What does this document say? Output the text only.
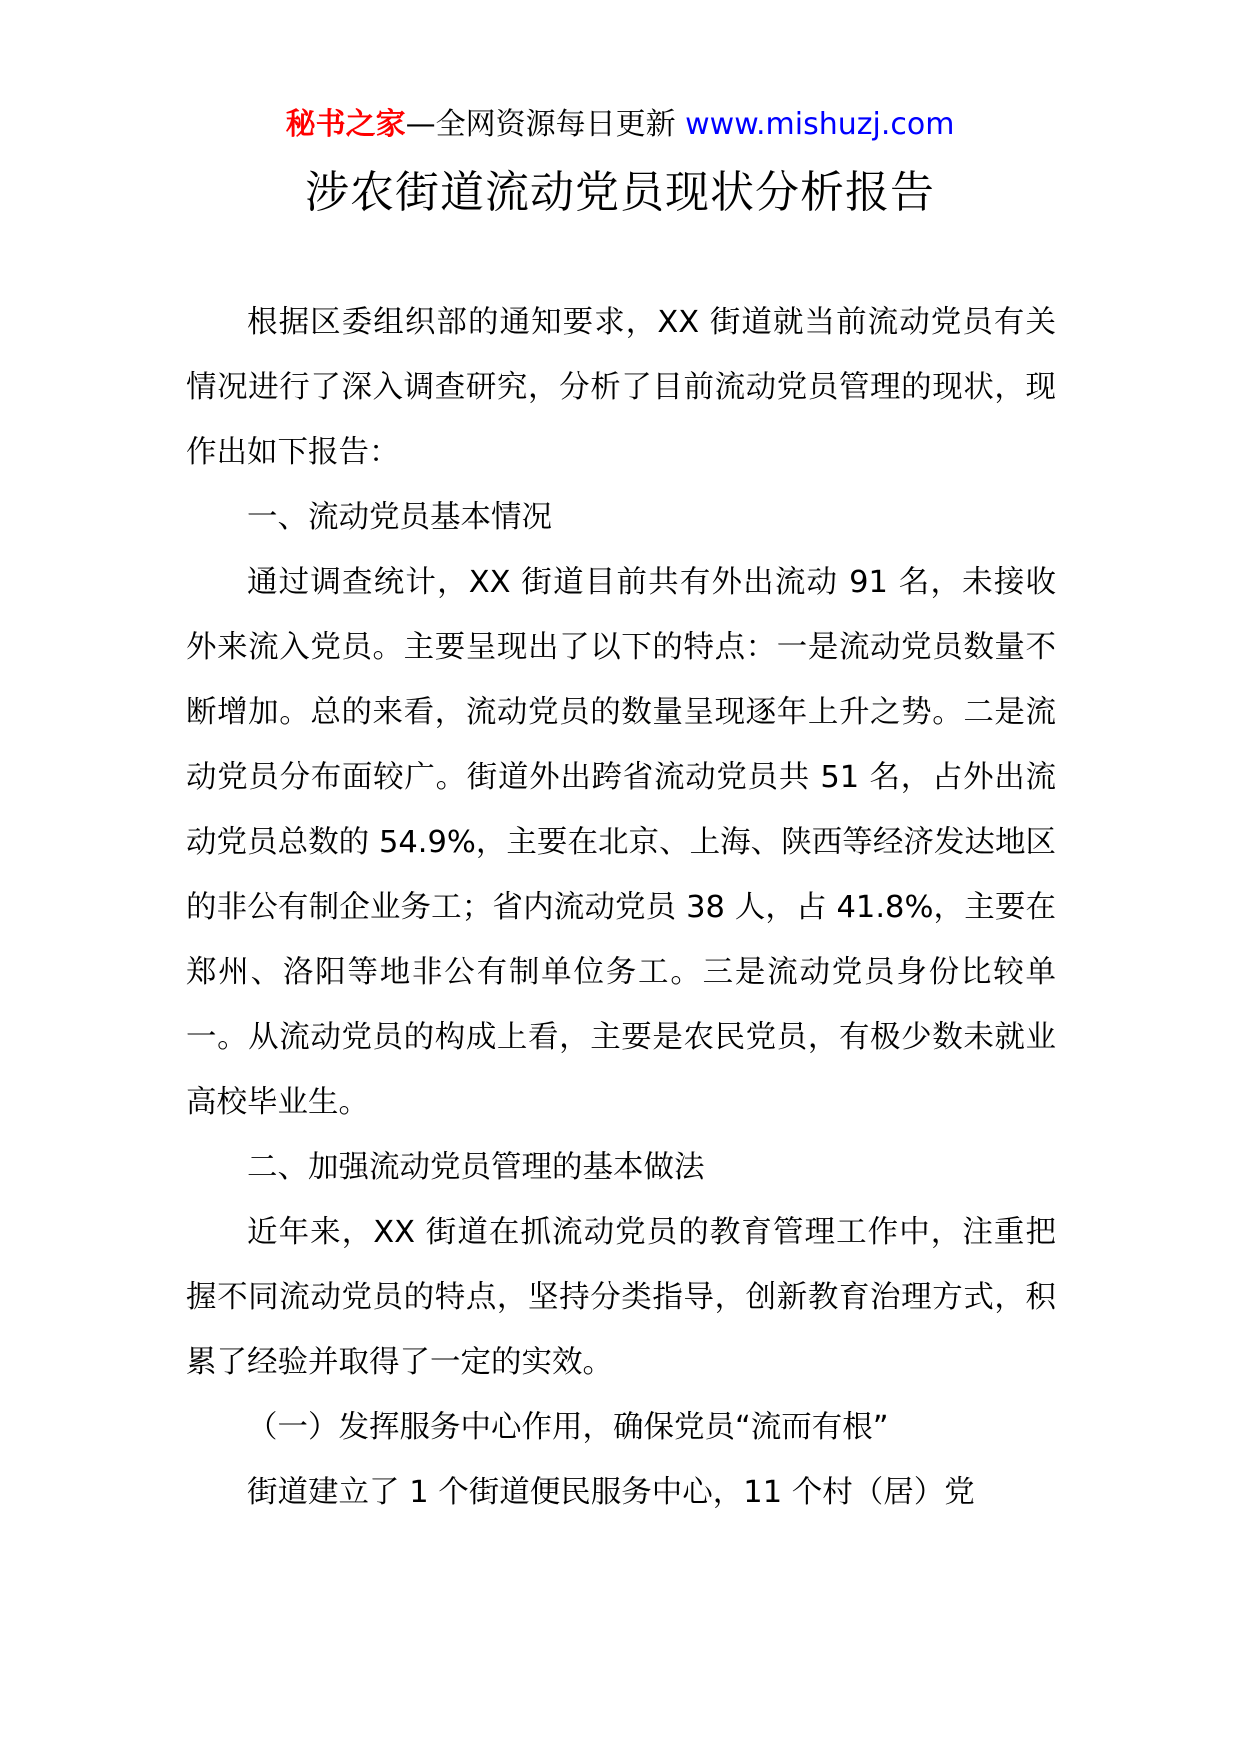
秘书之家—全网资源每日更新 www.mishuzj.com
涉农街道流动党员现状分析报告

根据区委组织部的通知要求，XX 街道就当前流动党员有关情况进行了深入调查研究，分析了目前流动党员管理的现状，现作出如下报告：

一、流动党员基本情况

通过调查统计，XX 街道目前共有外出流动 91 名，未接收外来流入党员。主要呈现出了以下的特点：一是流动党员数量不断增加。总的来看，流动党员的数量呈现逐年上升之势。二是流动党员分布面较广。街道外出跨省流动党员共 51 名，占外出流动党员总数的 54.9%，主要在北京、上海、陕西等经济发达地区的非公有制企业务工；省内流动党员 38 人，占 41.8%，主要在郑州、洛阳等地非公有制单位务工。三是流动党员身份比较单一。从流动党员的构成上看，主要是农民党员，有极少数未就业高校毕业生。

二、加强流动党员管理的基本做法

近年来，XX 街道在抓流动党员的教育管理工作中，注重把握不同流动党员的特点，坚持分类指导，创新教育治理方式，积累了经验并取得了一定的实效。

（一）发挥服务中心作用，确保党员“流而有根”

街道建立了 1 个街道便民服务中心，11 个村（居）党
